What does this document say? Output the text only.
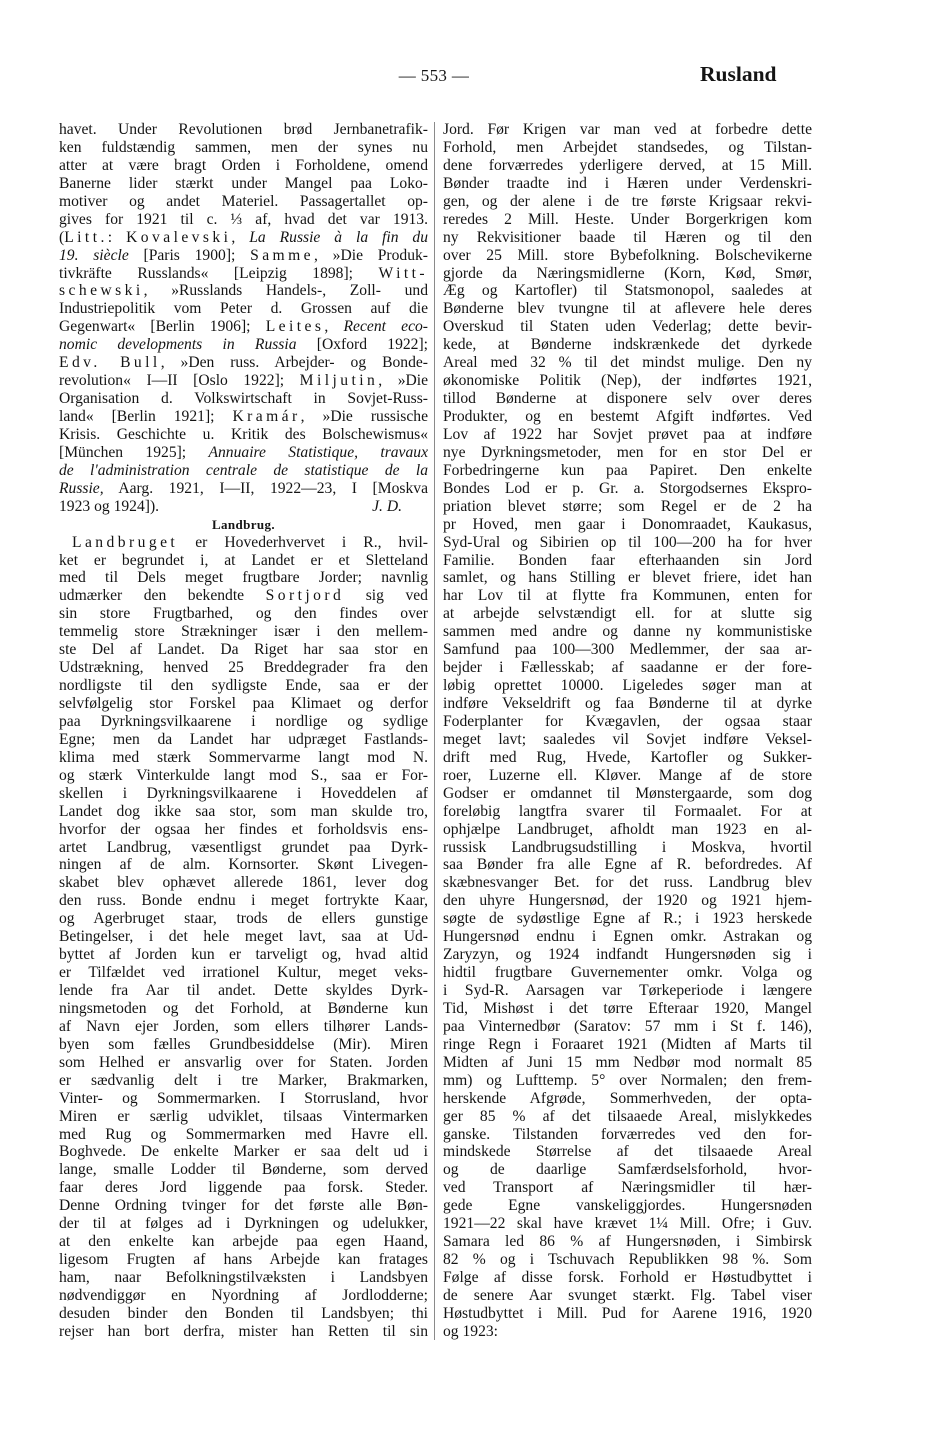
— 553 —	Rusland
havet. Under Revolutionen brød Jernbanetrafik-
ken fuldstændig sammen, men der synes nu
atter at være bragt Orden i Forholdene, omend
Banerne lider stærkt under Mangel paa Loko-
motiver og andet Materiel. Passagertallet op-
gives for 1921 til c. ⅓ af, hvad det var 1913.
(Litt.: Kovalevski, La Russie à la fin du
19. siècle [Paris 1900]; Samme, »Die Produk-
tivkräfte Russlands« [Leipzig 1898]; Witt-
schewski, »Russlands Handels-, Zoll- und
Industriepolitik vom Peter d. Grossen auf die
Gegenwart« [Berlin 1906]; Leites, Recent eco-
nomic developments in Russia [Oxford 1922];
Edv. Bull, »Den russ. Arbejder- og Bonde-
revolution« I—II [Oslo 1922]; Miljutin, »Die
Organisation d. Volkswirtschaft in Sovjet-Russ-
land« [Berlin 1921]; Kramár, »Die russische
Krisis. Geschichte u. Kritik des Bolschewismus«
[München 1925]; Annuaire Statistique, travaux
de l'administration centrale de statistique de la
Russie, Aarg. 1921, I—II, 1922—23, I [Moskva
1923 og 1924]).	J. D.
Landbrug.
Landbruget er Hovederhvervet i R., hvil-
ket er begrundet i, at Landet er et Sletteland
med til Dels meget frugtbare Jorder; navnlig
udmærker den bekendte Sortjord sig ved
sin store Frugtbarhed, og den findes over
temmelig store Strækninger især i den mellem-
ste Del af Landet. Da Riget har saa stor en
Udstrækning, henved 25 Breddegrader fra den
nordligste til den sydligste Ende, saa er der
selvfølgelig stor Forskel paa Klimaet og derfor
paa Dyrkningsvilkaarene i nordlige og sydlige
Egne; men da Landet har udpræget Fastlands-
klima med stærk Sommervarme langt mod N.
og stærk Vinterkulde langt mod S., saa er For-
skellen i Dyrkningsvilkaarene i Hoveddelen af
Landet dog ikke saa stor, som man skulde tro,
hvorfor der ogsaa her findes et forholdsvis ens-
artet Landbrug, væsentligst grundet paa Dyrk-
ningen af de alm. Kornsorter. Skønt Livegen-
skabet blev ophævet allerede 1861, lever dog
den russ. Bonde endnu i meget fortrykte Kaar,
og Agerbruget staar, trods de ellers gunstige
Betingelser, i det hele meget lavt, saa at Ud-
byttet af Jorden kun er tarveligt og, hvad altid
er Tilfældet ved irrationel Kultur, meget veks-
lende fra Aar til andet. Dette skyldes Dyrk-
ningsmetoden og det Forhold, at Bønderne kun
af Navn ejer Jorden, som ellers tilhører Lands-
byen som fælles Grundbesiddelse (Mir). Miren
som Helhed er ansvarlig over for Staten. Jorden
er sædvanlig delt i tre Marker, Brakmarken,
Vinter- og Sommermarken. I Storrusland, hvor
Miren er særlig udviklet, tilsaas Vintermarken
med Rug og Sommermarken med Havre ell.
Boghvede. De enkelte Marker er saa delt ud i
lange, smalle Lodder til Bønderne, som derved
faar deres Jord liggende paa forsk. Steder.
Denne Ordning tvinger for det første alle Bøn-
der til at følges ad i Dyrkningen og udelukker,
at den enkelte kan arbejde paa egen Haand,
ligesom Frugten af hans Arbejde kan fratages
ham, naar Befolkningstilvæksten i Landsbyen
nødvendiggør en Nyordning af Jordlodderne;
desuden binder den Bonden til Landsbyen; thi
rejser han bort derfra, mister han Retten til sin
Jord. Før Krigen var man ved at forbedre dette
Forhold, men Arbejdet standsedes, og Tilstan-
dene forværredes yderligere derved, at 15 Mill.
Bønder traadte ind i Hæren under Verdenskri-
gen, og der alene i de tre første Krigsaar rekvi-
reredes 2 Mill. Heste. Under Borgerkrigen kom
ny Rekvisitioner baade til Hæren og til den
over 25 Mill. store Bybefolkning. Bolschevikerne
gjorde da Næringsmidlerne (Korn, Kød, Smør,
Æg og Kartofler) til Statsmonopol, saaledes at
Bønderne blev tvungne til at aflevere hele deres
Overskud til Staten uden Vederlag; dette bevir-
kede, at Bønderne indskrænkede det dyrkede
Areal med 32 % til det mindst mulige. Den ny
økonomiske Politik (Nep), der indførtes 1921,
tillod Bønderne at disponere selv over deres
Produkter, og en bestemt Afgift indførtes. Ved
Lov af 1922 har Sovjet prøvet paa at indføre
nye Dyrkningsmetoder, men for en stor Del er
Forbedringerne kun paa Papiret. Den enkelte
Bondes Lod er p. Gr. a. Storgodsernes Ekspro-
priation blevet større; som Regel er de 2 ha
pr Hoved, men gaar i Donomraadet, Kaukasus,
Syd-Ural og Sibirien op til 100—200 ha for hver
Familie. Bonden faar efterhaanden sin Jord
samlet, og hans Stilling er blevet friere, idet han
har Lov til at flytte fra Kommunen, enten for
at arbejde selvstændigt ell. for at slutte sig
sammen med andre og danne ny kommunistiske
Samfund paa 100—300 Medlemmer, der saa ar-
bejder i Fællesskab; af saadanne er der fore-
løbig oprettet 10000. Ligeledes søger man at
indføre Vekseldrift og faa Bønderne til at dyrke
Foderplanter for Kvægavlen, der ogsaa staar
meget lavt; saaledes vil Sovjet indføre Veksel-
drift med Rug, Hvede, Kartofler og Sukker-
roer, Luzerne ell. Kløver. Mange af de store
Godser er omdannet til Mønstergaarde, som dog
foreløbig langtfra svarer til Formaalet. For at
ophjælpe Landbruget, afholdt man 1923 en al-
russisk Landbrugsudstilling i Moskva, hvortil
saa Bønder fra alle Egne af R. befordredes. Af
skæbnesvanger Bet. for det russ. Landbrug blev
den uhyre Hungersnød, der 1920 og 1921 hjem-
søgte de sydøstlige Egne af R.; i 1923 herskede
Hungersnød endnu i Egnen omkr. Astrakan og
Zaryzyn, og 1924 indfandt Hungersnøden sig i
hidtil frugtbare Guvernementer omkr. Volga og
i Syd-R. Aarsagen var Tørkeperiode i længere
Tid, Mishøst i det tørre Efteraar 1920, Mangel
paa Vinternedbør (Saratov: 57 mm i St f. 146),
ringe Regn i Foraaret 1921 (Midten af Marts til
Midten af Juni 15 mm Nedbør mod normalt 85
mm) og Lufttemp. 5° over Normalen; den frem-
herskende Afgrøde, Sommerhveden, der opta-
ger 85 % af det tilsaaede Areal, mislykkedes
ganske. Tilstanden forværredes ved den for-
mindskede Størrelse af det tilsaaede Areal
og de daarlige Samfærdselsforhold, hvor-
ved Transport af Næringsmidler til hær-
gede Egne vanskeliggjordes. Hungersnøden
1921—22 skal have krævet 1¼ Mill. Ofre; i Guv.
Samara led 86 % af Hungersnøden, i Simbirsk
82 % og i Tschuvach Republikken 98 %. Som
Følge af disse forsk. Forhold er Høstudbyttet i
de senere Aar svunget stærkt. Flg. Tabel viser
Høstudbyttet i Mill. Pud for Aarene 1916, 1920
og 1923:
